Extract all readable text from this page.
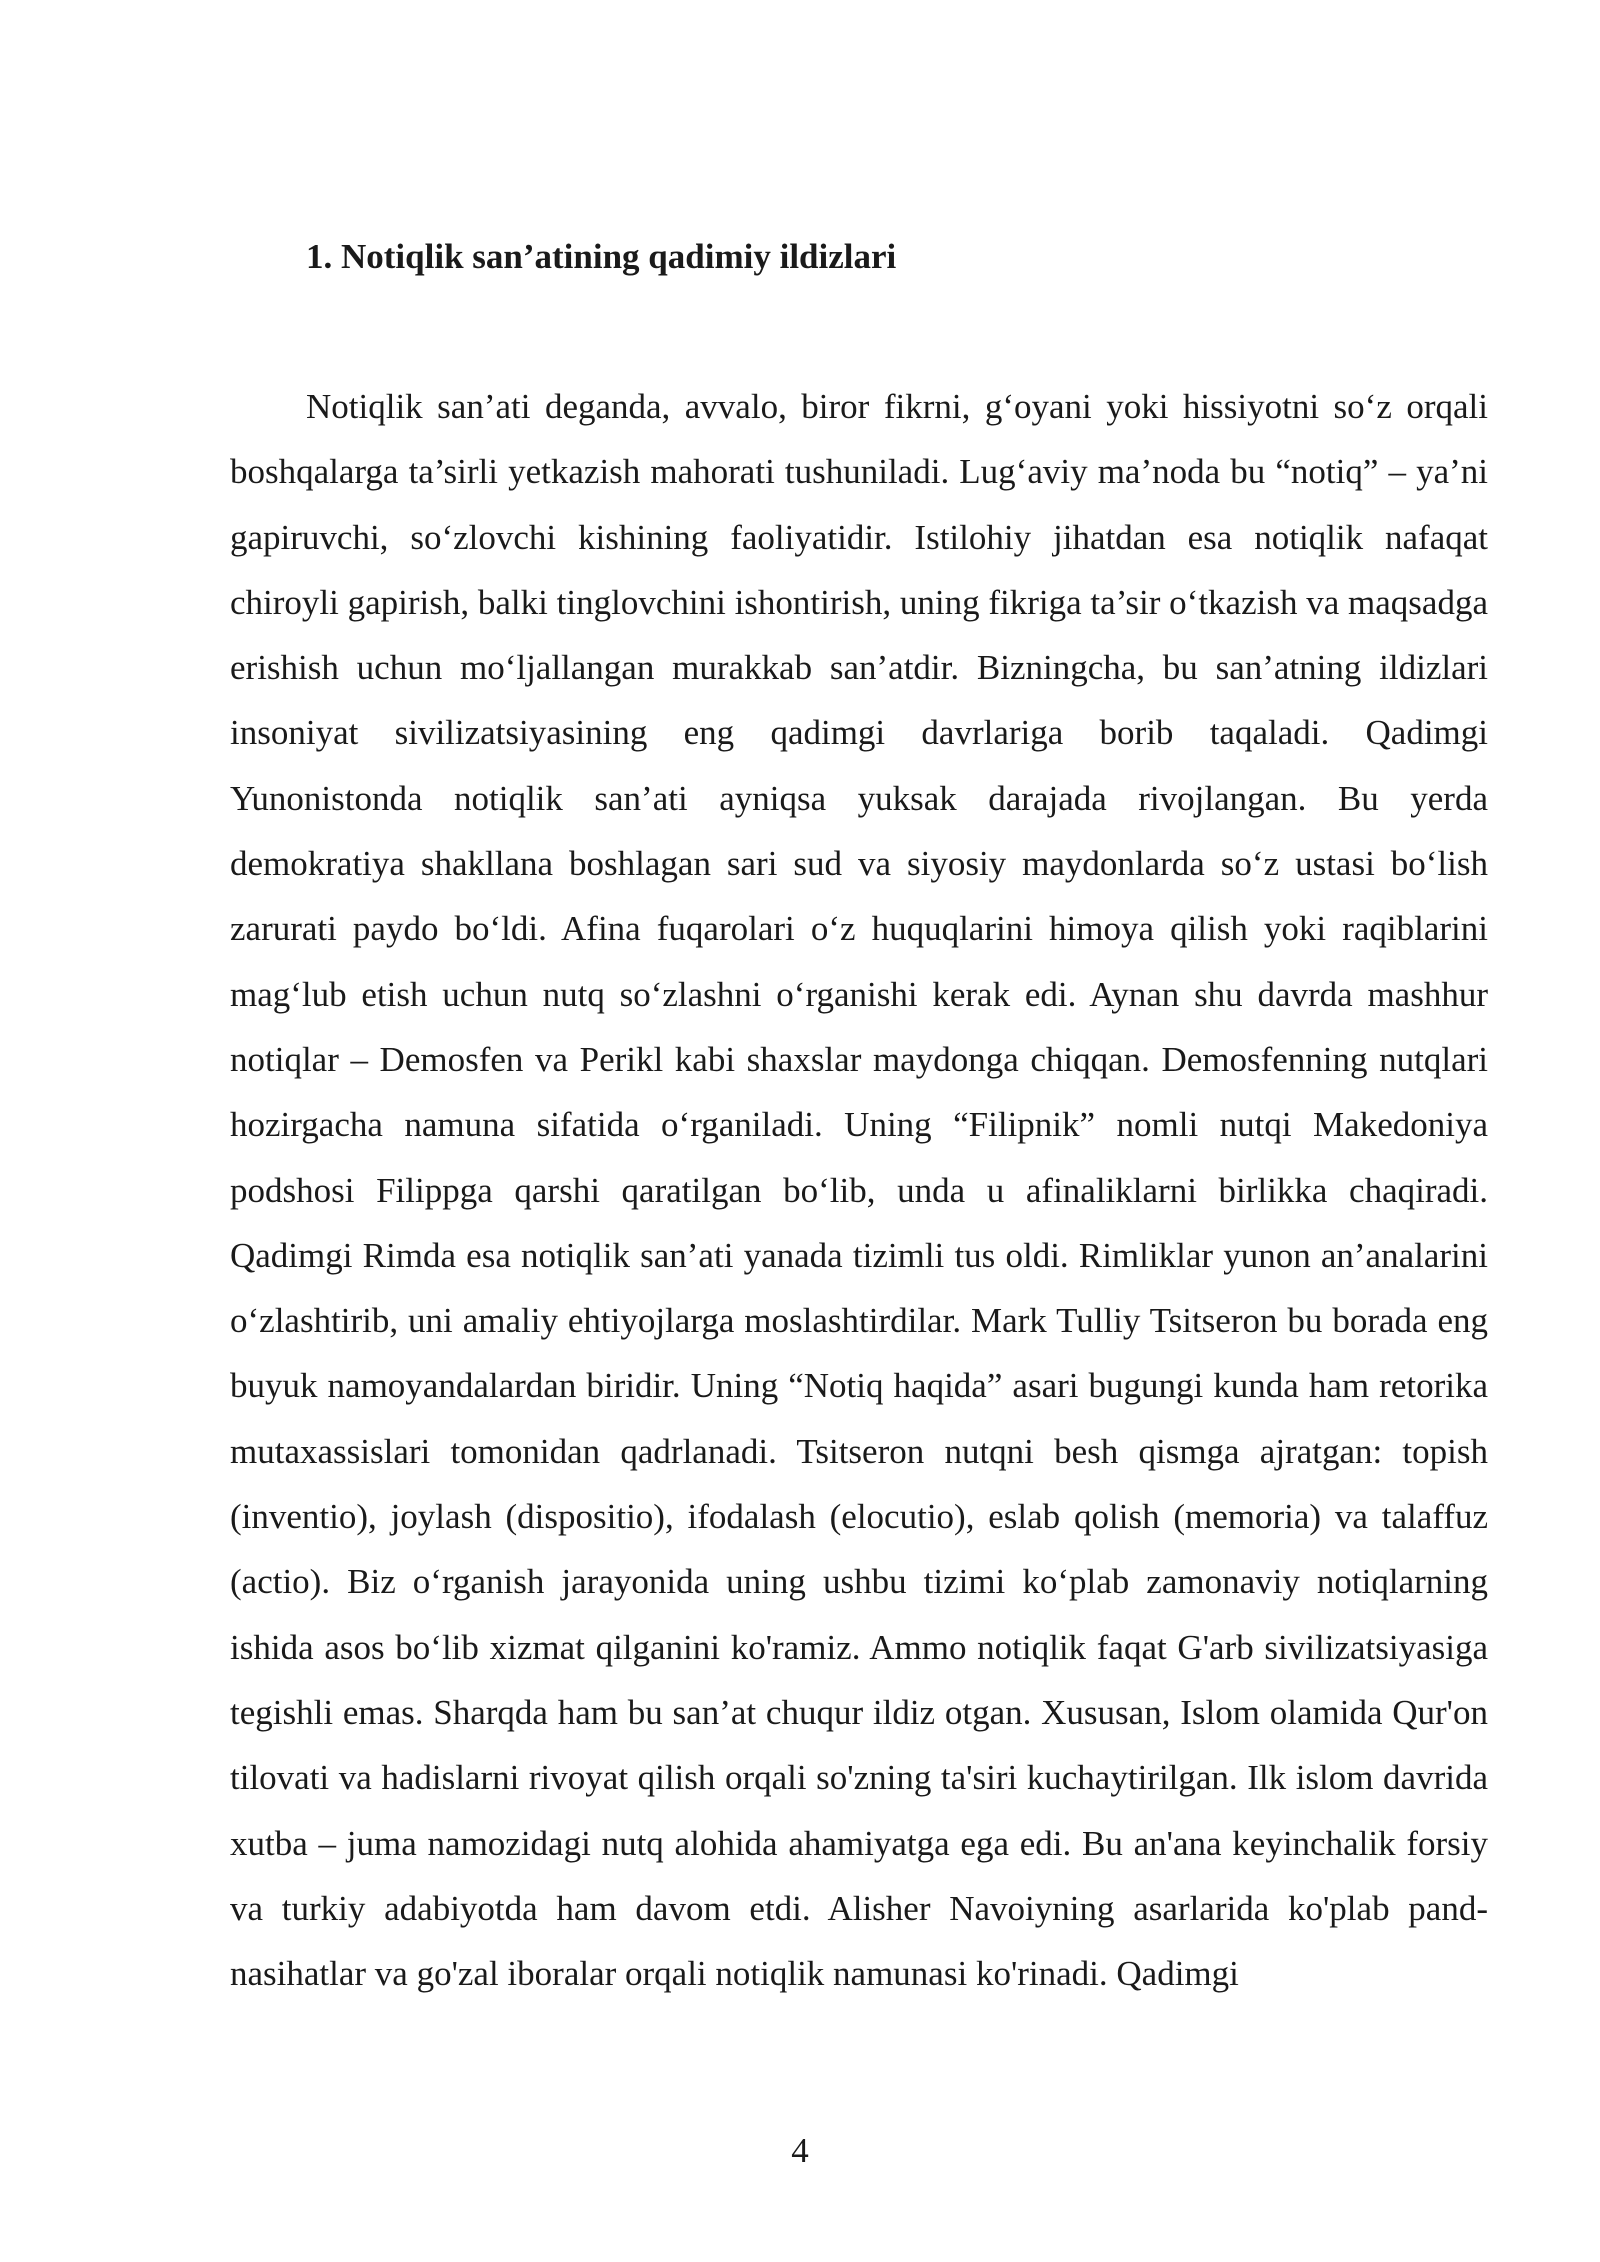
1. Notiqlik san’atining qadimiy ildizlari

Notiqlik san’ati deganda, avvalo, biror fikrni, g‘oyani yoki hissiyotni so‘z orqali boshqalarga ta’sirli yetkazish mahorati tushuniladi. Lug‘aviy ma’noda bu “notiq” – ya’ni gapiruvchi, so‘zlovchi kishining faoliyatidir. Istilohiy jihatdan esa notiqlik nafaqat chiroyli gapirish, balki tinglovchini ishontirish, uning fikriga ta’sir o‘tkazish va maqsadga erishish uchun mo‘ljallangan murakkab san’atdir. Bizningcha, bu san’atning ildizlari insoniyat sivilizatsiyasining eng qadimgi davrlariga borib taqaladi. Qadimgi Yunonistonda notiqlik san’ati ayniqsa yuksak darajada rivojlangan. Bu yerda demokratiya shakllana boshlagan sari sud va siyosiy maydonlarda so‘z ustasi bo‘lish zarurati paydo bo‘ldi. Afina fuqarolari o‘z huquqlarini himoya qilish yoki raqiblarini mag‘lub etish uchun nutq so‘zlashni o‘rganishi kerak edi. Aynan shu davrda mashhur notiqlar – Demosfen va Perikl kabi shaxslar maydonga chiqqan. Demosfenning nutqlari hozirgacha namuna sifatida o‘rganiladi. Uning “Filipnik” nomli nutqi Makedoniya podshosi Filippga qarshi qaratilgan bo‘lib, unda u afinaliklarni birlikka chaqiradi. Qadimgi Rimda esa notiqlik san’ati yanada tizimli tus oldi. Rimliklar yunon an’analarini o‘zlashtirib, uni amaliy ehtiyojlarga moslashtirdilar. Mark Tulliy Tsitseron bu borada eng buyuk namoyandalardan biridir. Uning “Notiq haqida” asari bugungi kunda ham retorika mutaxassislari tomonidan qadrlanadi. Tsitseron nutqni besh qismga ajratgan: topish (inventio), joylash (dispositio), ifodalash (elocutio), eslab qolish (memoria) va talaffuz (actio). Biz o‘rganish jarayonida uning ushbu tizimi ko‘plab zamonaviy notiqlarning ishida asos bo‘lib xizmat qilganini ko'ramiz. Ammo notiqlik faqat G'arb sivilizatsiyasiga tegishli emas. Sharqda ham bu san’at chuqur ildiz otgan. Xususan, Islom olamida Qur'on tilovati va hadislarni rivoyat qilish orqali so'zning ta'siri kuchaytirilgan. Ilk islom davrida xutba – juma namozidagi nutq alohida ahamiyatga ega edi. Bu an'ana keyinchalik forsiy va turkiy adabiyotda ham davom etdi. Alisher Navoiyning asarlarida ko'plab pand-nasihatlar va go'zal iboralar orqali notiqlik namunasi ko'rinadi. Qadimgi

4
